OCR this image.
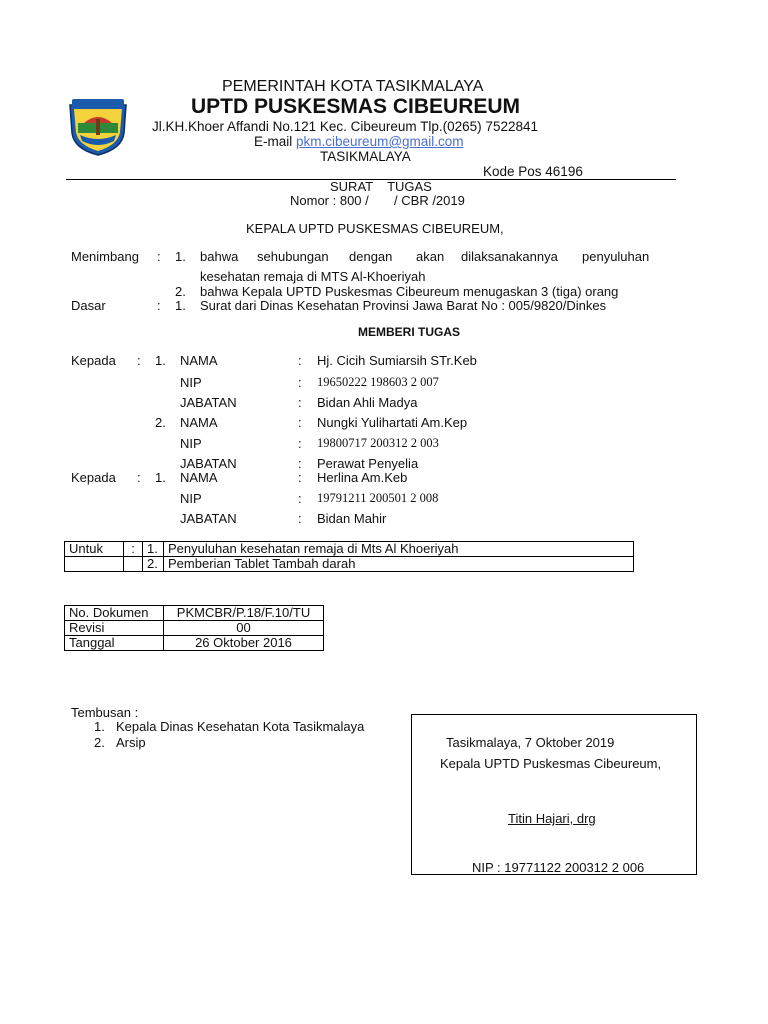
PEMERINTAH KOTA TASIKMALAYA
UPTD PUSKESMAS CIBEUREUM
Jl.KH.Khoer Affandi No.121 Kec. Cibeureum Tlp.(0265) 7522841
E-mail pkm.cibeureum@gmail.com
TASIKMALAYA
Kode Pos 46196
SURAT    TUGAS
Nomor : 800 /       / CBR /2019
KEPALA UPTD PUSKESMAS CIBEUREUM,
Menimbang : 1. bahwa sehubungan dengan akan dilaksanakannya penyuluhan
kesehatan remaja di MTS Al-Khoeriyah
2. bahwa Kepala UPTD Puskesmas Cibeureum menugaskan 3 (tiga) orang
Dasar	: 1. Surat dari Dinas Kesehatan Provinsi Jawa Barat No : 005/9820/Dinkes
MEMBERI TUGAS
Kepada : 1. NAMA	: Hj. Cicih Sumiarsih STr.Keb
NIP	: 19650222 198603 2 007
JABATAN	: Bidan Ahli Madya
2. NAMA	: Nungki Yulihartati Am.Kep
NIP	: 19800717 200312 2 003
JABATAN	: Perawat Penyelia
Kepada : 1. NAMA	: Herlina Am.Keb
NIP	: 19791211 200501 2 008
JABATAN	: Bidan Mahir
Untuk	:	1.	Penyuluhan kesehatan remaja di Mts Al Khoeriyah
		2.	Pemberian Tablet Tambah darah
No. Dokumen	PKMCBR/P.18/F.10/TU
Revisi	00
Tanggal	26 Oktober 2016
Tembusan :
1. Kepala Dinas Kesehatan Kota Tasikmalaya
2. Arsip	Tasikmalaya, 7 Oktober 2019
Kepala UPTD Puskesmas Cibeureum,
Titin Hajari, drg
NIP : 19771122 200312 2 006
